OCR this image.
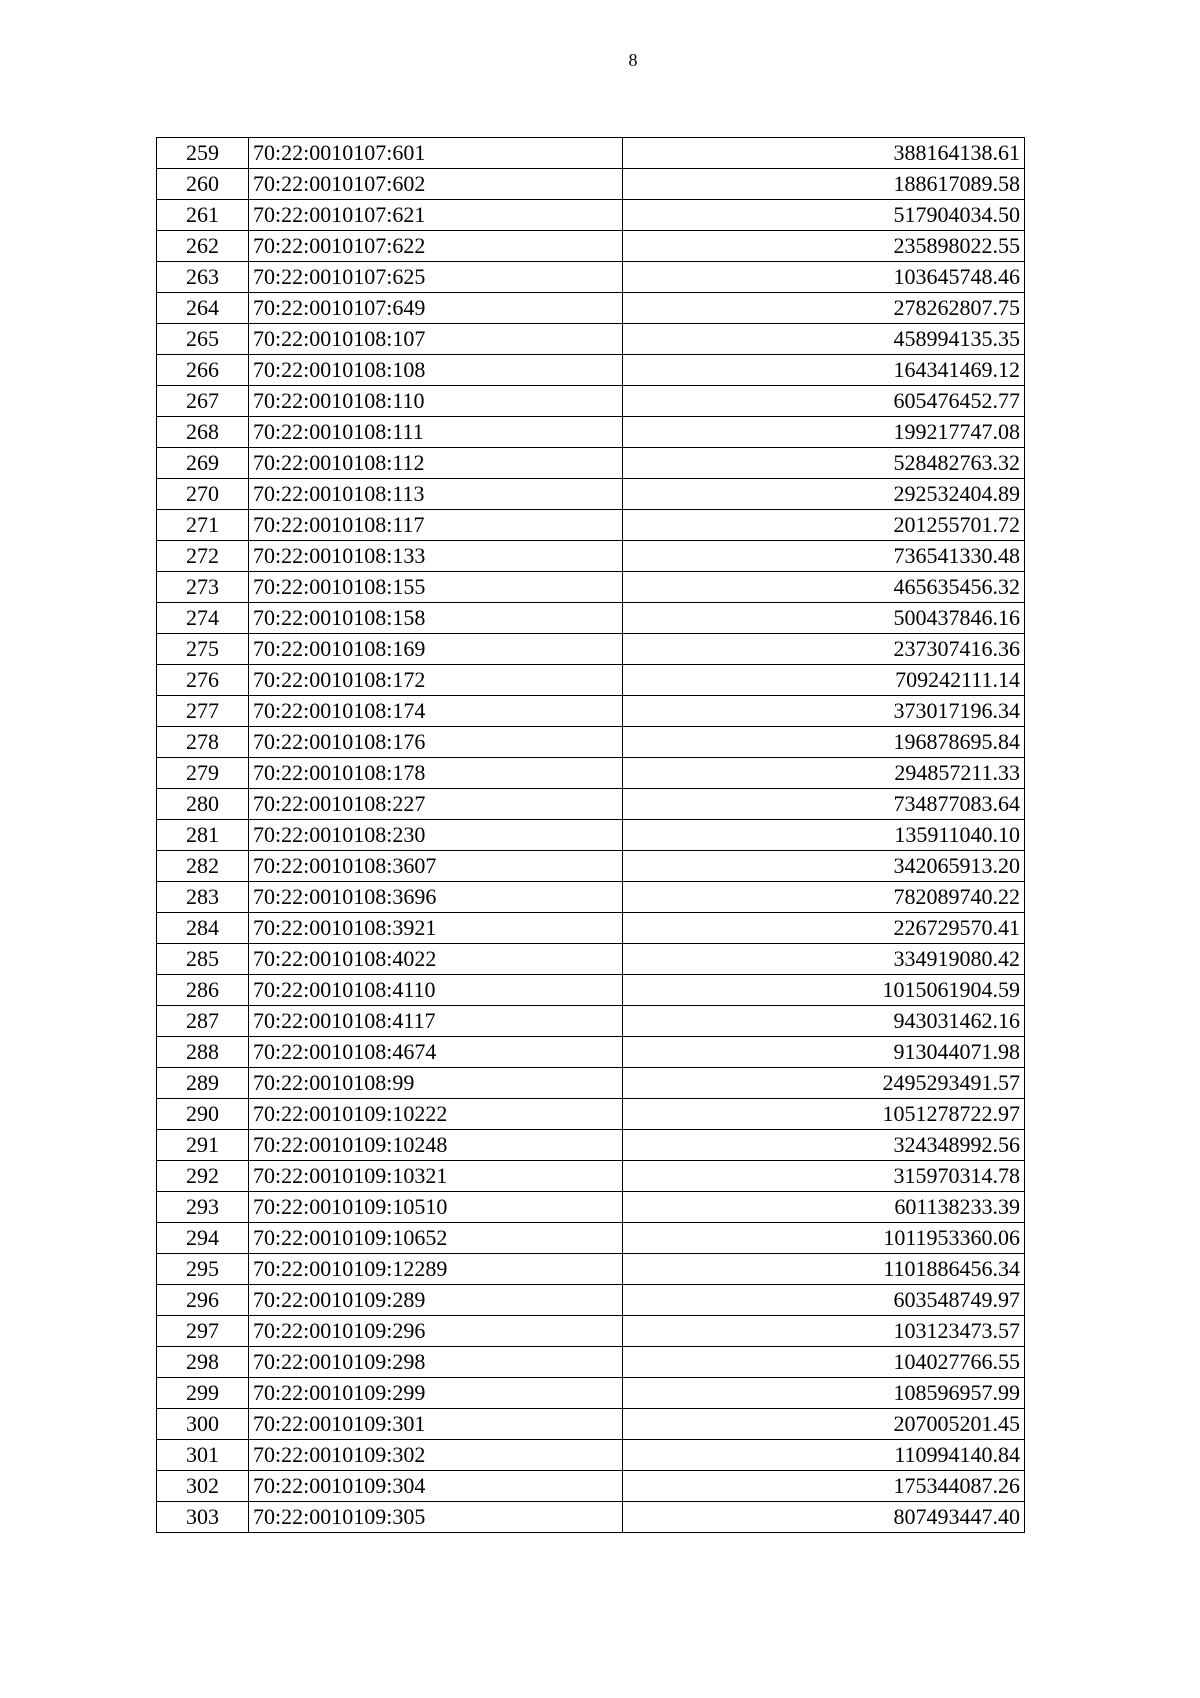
8
259	70:22:0010107:601	388164138.61
260	70:22:0010107:602	188617089.58
261	70:22:0010107:621	517904034.50
262	70:22:0010107:622	235898022.55
263	70:22:0010107:625	103645748.46
264	70:22:0010107:649	278262807.75
265	70:22:0010108:107	458994135.35
266	70:22:0010108:108	164341469.12
267	70:22:0010108:110	605476452.77
268	70:22:0010108:111	199217747.08
269	70:22:0010108:112	528482763.32
270	70:22:0010108:113	292532404.89
271	70:22:0010108:117	201255701.72
272	70:22:0010108:133	736541330.48
273	70:22:0010108:155	465635456.32
274	70:22:0010108:158	500437846.16
275	70:22:0010108:169	237307416.36
276	70:22:0010108:172	709242111.14
277	70:22:0010108:174	373017196.34
278	70:22:0010108:176	196878695.84
279	70:22:0010108:178	294857211.33
280	70:22:0010108:227	734877083.64
281	70:22:0010108:230	135911040.10
282	70:22:0010108:3607	342065913.20
283	70:22:0010108:3696	782089740.22
284	70:22:0010108:3921	226729570.41
285	70:22:0010108:4022	334919080.42
286	70:22:0010108:4110	1015061904.59
287	70:22:0010108:4117	943031462.16
288	70:22:0010108:4674	913044071.98
289	70:22:0010108:99	2495293491.57
290	70:22:0010109:10222	1051278722.97
291	70:22:0010109:10248	324348992.56
292	70:22:0010109:10321	315970314.78
293	70:22:0010109:10510	601138233.39
294	70:22:0010109:10652	1011953360.06
295	70:22:0010109:12289	1101886456.34
296	70:22:0010109:289	603548749.97
297	70:22:0010109:296	103123473.57
298	70:22:0010109:298	104027766.55
299	70:22:0010109:299	108596957.99
300	70:22:0010109:301	207005201.45
301	70:22:0010109:302	110994140.84
302	70:22:0010109:304	175344087.26
303	70:22:0010109:305	807493447.40
